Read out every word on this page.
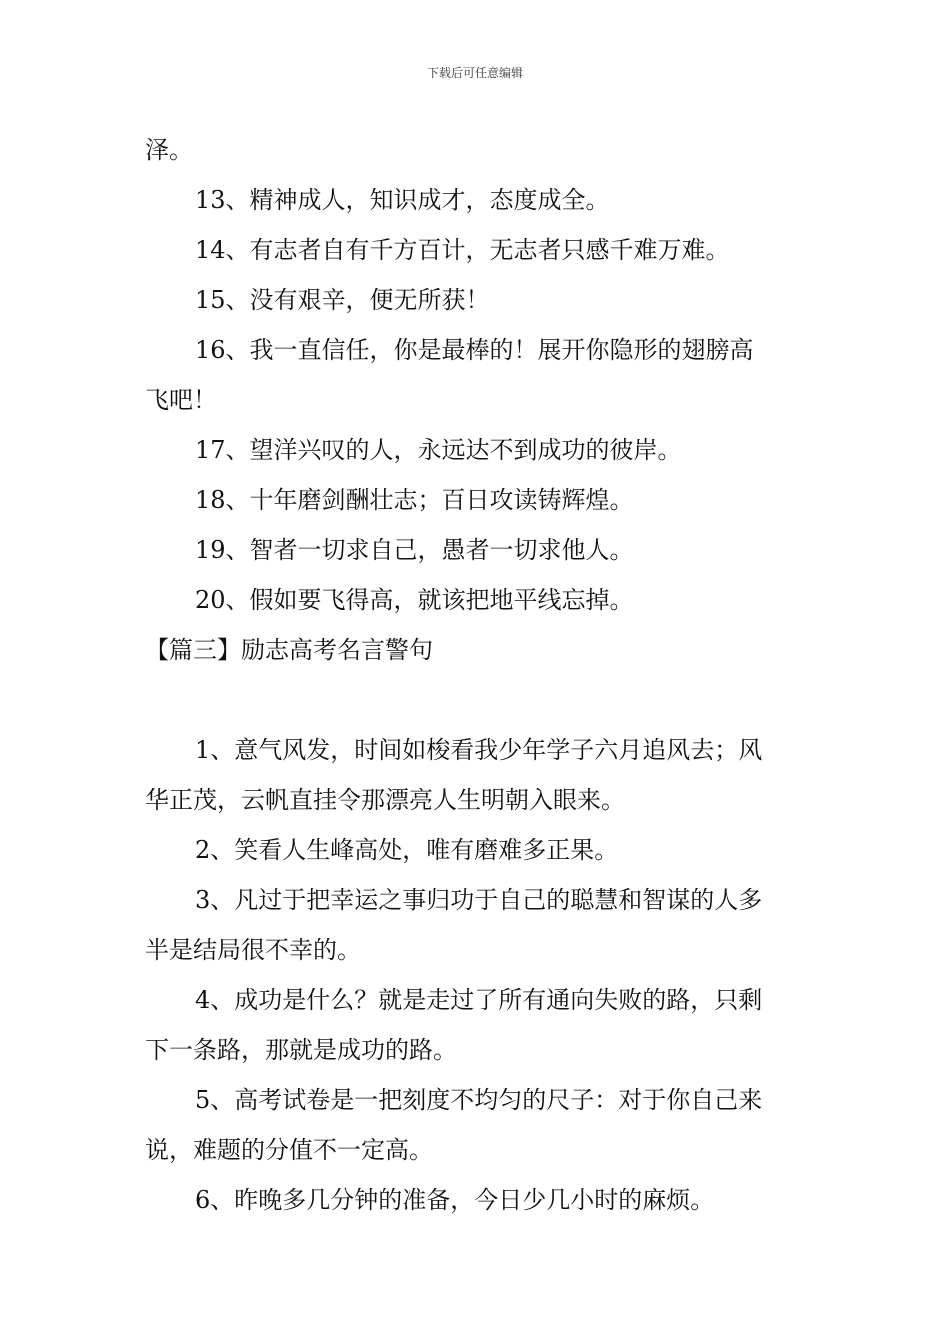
下载后可任意编辑
泽。
13、精神成人，知识成才，态度成全。
14、有志者自有千方百计，无志者只感千难万难。
15、没有艰辛，便无所获！
16、我一直信任，你是最棒的！展开你隐形的翅膀高
飞吧！
17、望洋兴叹的人，永远达不到成功的彼岸。
18、十年磨剑酬壮志；百日攻读铸辉煌。
19、智者一切求自己，愚者一切求他人。
20、假如要飞得高，就该把地平线忘掉。
【篇三】励志高考名言警句
1、意气风发，时间如梭看我少年学子六月追风去；风
华正茂，云帆直挂令那漂亮人生明朝入眼来。
2、笑看人生峰高处，唯有磨难多正果。
3、凡过于把幸运之事归功于自己的聪慧和智谋的人多
半是结局很不幸的。
4、成功是什么？就是走过了所有通向失败的路，只剩
下一条路，那就是成功的路。
5、高考试卷是一把刻度不均匀的尺子：对于你自己来
说，难题的分值不一定高。
6、昨晚多几分钟的准备，今日少几小时的麻烦。
